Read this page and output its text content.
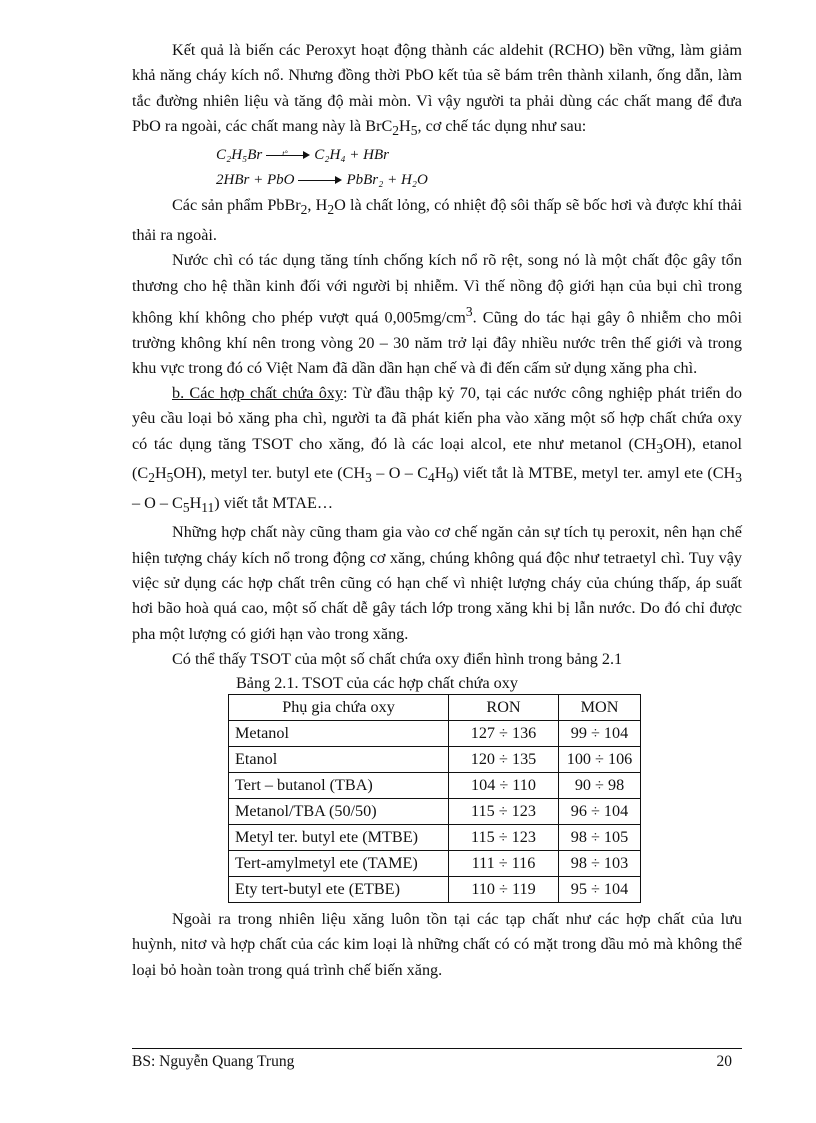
Kết quả là biến các Peroxyt hoạt động thành các aldehit (RCHO) bền vững, làm giảm khả năng cháy kích nổ. Nhưng đồng thời PbO kết tủa sẽ bám trên thành xilanh, ống dẫn, làm tắc đường nhiên liệu và tăng độ mài mòn. Vì vậy người ta phải dùng các chất mang để đưa PbO ra ngoài, các chất mang này là $BrC_2H_5$, cơ chế tác dụng như sau:

C₂H₅Br	t° C₂H₄ + HBr
2HBr + PbO	PbBr₂ + H₂O

Các sản phẩm PbBr$_2$, $H_2O$ là chất lỏng, có nhiệt độ sôi thấp sẽ bốc hơi và được khí thải thải ra ngoài.

Nước chì có tác dụng tăng tính chống kích nổ rõ rệt, song nó là một chất độc gây tổn thương cho hệ thần kinh đối với người bị nhiễm. Vì thế nồng độ giới hạn của bụi chì trong không khí không cho phép vượt quá $0,005mg/cm^3$. Cũng do tác hại gây ô nhiễm cho môi trường không khí nên trong vòng 20 – 30 năm trở lại đây nhiều nước trên thế giới và trong khu vực trong đó có Việt Nam đã dần dần hạn chế và đi đến cấm sử dụng xăng pha chì.

b. Các hợp chất chứa ôxy: Từ đầu thập kỷ 70, tại các nước công nghiệp phát triển do yêu cầu loại bỏ xăng pha chì, người ta đã phát kiến pha vào xăng một số hợp chất chứa oxy có tác dụng tăng TSOT cho xăng, đó là các loại alcol, ete như metanol $(CH_3OH)$, etanol $(C_2H_5OH)$, metyl ter. butyl ete ($CH_3$ – O – $C_4H_9$) viết tắt là MTBE, metyl ter. amyl ete ($CH_3$ – O – $C_5H_{11}$) viết tắt MTAE…

Những hợp chất này cũng tham gia vào cơ chế ngăn cản sự tích tụ peroxit, nên hạn chế hiện tượng cháy kích nổ trong động cơ xăng, chúng không quá độc như tetraetyl chì. Tuy vậy việc sử dụng các hợp chất trên cũng có hạn chế vì nhiệt lượng cháy của chúng thấp, áp suất hơi bão hoà quá cao, một số chất dễ gây tách lớp trong xăng khi bị lẫn nước. Do đó chỉ được pha một lượng có giới hạn vào trong xăng.

Có thể thấy TSOT của một số chất chứa oxy điển hình trong bảng 2.1

Bảng 2.1. TSOT của các hợp chất chứa oxy
Phụ gia chứa oxy	RON	MON
Metanol	127 ÷ 136	99 ÷ 104
Etanol	120 ÷ 135	100 ÷ 106
Tert – butanol (TBA)	104 ÷ 110	90 ÷ 98
Metanol/TBA (50/50)	115 ÷ 123	96 ÷ 104
Metyl ter. butyl ete (MTBE)	115 ÷ 123	98 ÷ 105
Tert-amylmetyl ete (TAME)	111 ÷ 116	98 ÷ 103
Ety tert-butyl ete (ETBE)	110 ÷ 119	95 ÷ 104

Ngoài ra trong nhiên liệu xăng luôn tồn tại các tạp chất như các hợp chất của lưu huỳnh, nitơ và hợp chất của các kim loại là những chất có có mặt trong dầu mỏ mà không thể loại bỏ hoàn toàn trong quá trình chế biến xăng.

BS: Nguyễn Quang Trung	20
